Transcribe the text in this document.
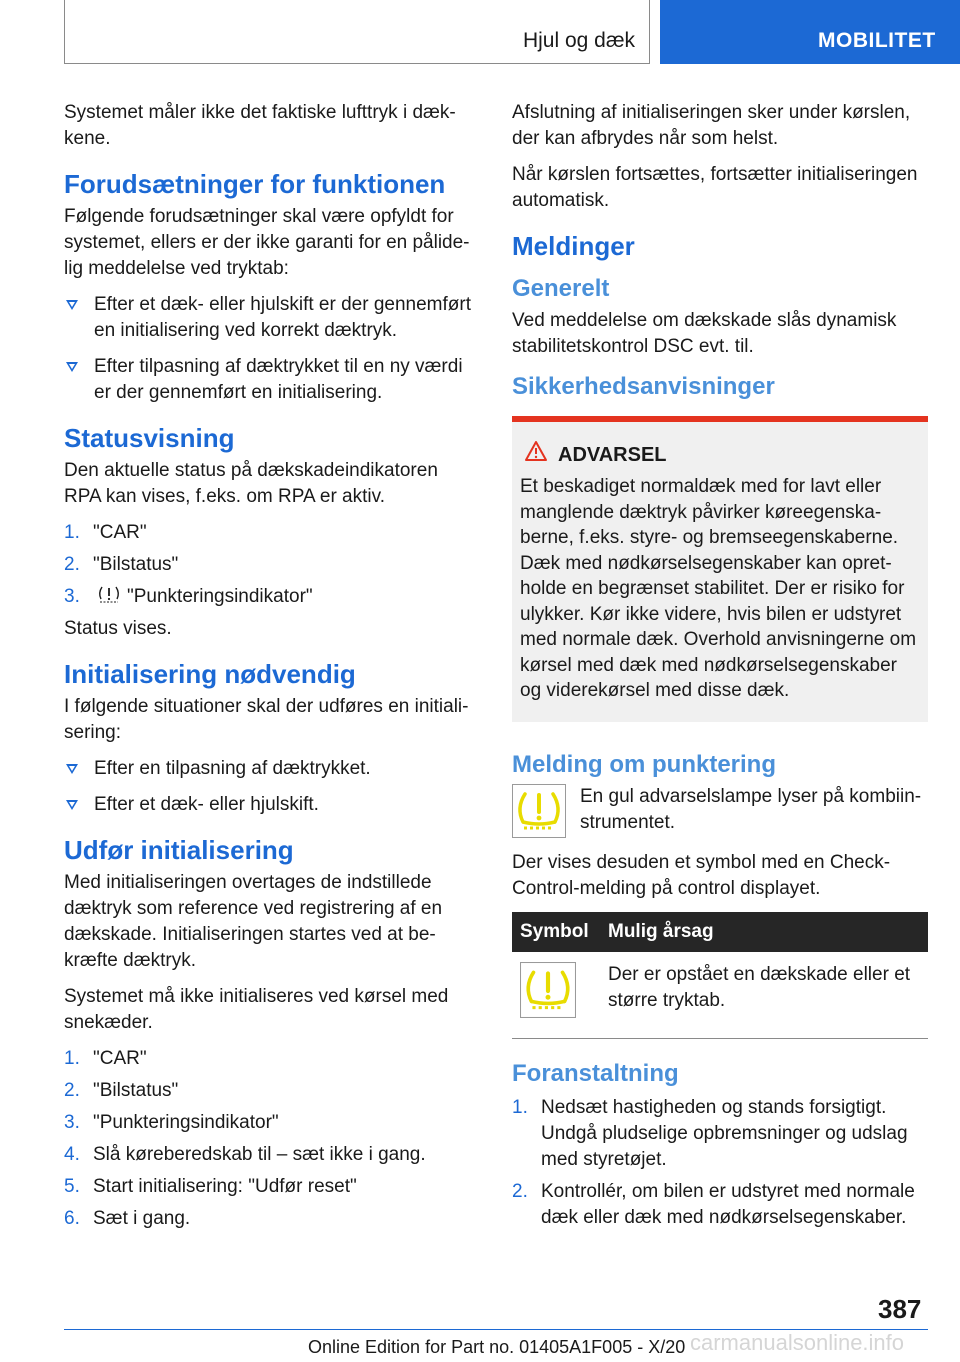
Hjul og dæk	MOBILITET

Systemet måler ikke det faktiske lufttryk i dæk-kene.

Forudsætninger for funktionen

Følgende forudsætninger skal være opfyldt for systemet, ellers er der ikke garanti for en pålide-lig meddelelse ved tryktab:

Efter et dæk- eller hjulskift er der gennemført en initialisering ved korrekt dæktryk.
Efter tilpasning af dæktrykket til en ny værdi er der gennemført en initialisering.
Statusvisning

Den aktuelle status på dækskadeindikatoren RPA kan vises, f.eks. om RPA er aktiv.

1. "CAR"
2. "Bilstatus"
3. "Punkteringsindikator"

Status vises.

Initialisering nødvendig

I følgende situationer skal der udføres en initiali-sering:

Efter en tilpasning af dæktrykket.
Efter et dæk- eller hjulskift.
Udfør initialisering

Med initialiseringen overtages de indstillede dæktryk som reference ved registrering af en dækskade. Initialiseringen startes ved at be-kræfte dæktryk.

Systemet må ikke initialiseres ved kørsel med snekæder.

1. "CAR"
2. "Bilstatus"
3. "Punkteringsindikator"
4. Slå køreberedskab til – sæt ikke i gang.
5. Start initialisering: "Udfør reset"
6. Sæt i gang.

Afslutning af initialiseringen sker under kørslen, der kan afbrydes når som helst.

Når kørslen fortsættes, fortsætter initialiseringen automatisk.

Meldinger
Generelt

Ved meddelelse om dækskade slås dynamisk stabilitetskontrol DSC evt. til.

Sikkerhedsanvisninger
ADVARSEL

Et beskadiget normaldæk med for lavt eller manglende dæktryk påvirker køreegenska-berne, f.eks. styre- og bremseegenskaberne. Dæk med nødkørselsegenskaber kan opret-holde en begrænset stabilitet. Der er risiko for ulykker. Kør ikke videre, hvis bilen er udstyret med normale dæk. Overhold anvisningerne om kørsel med dæk med nødkørselsegenskaber og viderekørsel med disse dæk.

Melding om punktering

En gul advarselslampe lyser på kombiin-strumentet.

Der vises desuden et symbol med en Check-Control-melding på control displayet.

Symbol	Mulig årsag
	Der er opstået en dækskade eller et større tryktab.
Foranstaltning
1. Nedsæt hastigheden og stands forsigtigt. Undgå pludselige opbremsninger og udslag med styretøjet.
2. Kontrollér, om bilen er udstyret med normale dæk eller dæk med nødkørselsegenskaber.
387
Online Edition for Part no. 01405A1F005 - X/20 carmanualsonline.info
